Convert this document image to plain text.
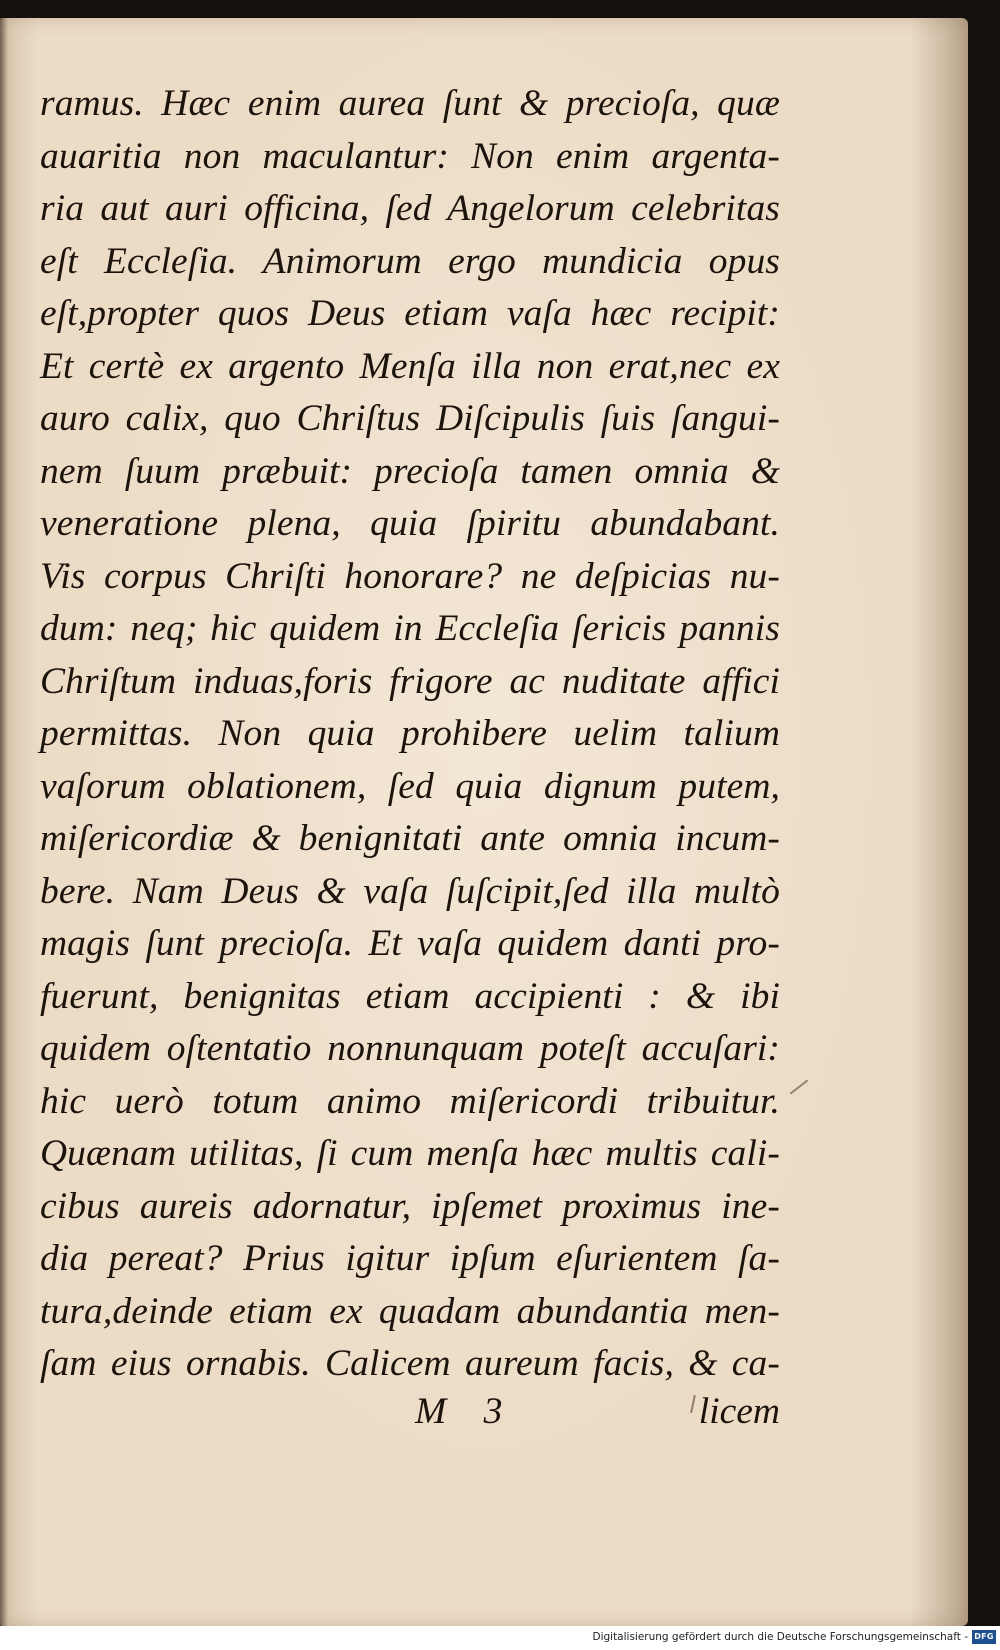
ramus. Hæc enim aurea ſunt & precioſa, quæ
auaritia non maculantur: Non enim argenta-
ria aut auri officina, ſed Angelorum celebritas
eſt Eccleſia. Animorum ergo mundicia opus
eſt,propter quos Deus etiam vaſa hæc recipit:
Et certè ex argento Menſa illa non erat,nec ex
auro calix, quo Chriſtus Diſcipulis ſuis ſangui-
nem ſuum præbuit: precioſa tamen omnia &
veneratione plena, quia ſpiritu abundabant.
Vis corpus Chriſti honorare? ne deſpicias nu-
dum: neq; hic quidem in Eccleſia ſericis pannis
Chriſtum induas,foris frigore ac nuditate affici
permittas. Non quia prohibere uelim talium
vaſorum oblationem, ſed quia dignum putem,
miſericordiæ & benignitati ante omnia incum-
bere. Nam Deus & vaſa ſuſcipit,ſed illa multò
magis ſunt precioſa. Et vaſa quidem danti pro-
fuerunt, benignitas etiam accipienti : & ibi
quidem oſtentatio nonnunquam poteſt accuſari:
hic uerò totum animo miſericordi tribuitur.
Quænam utilitas, ſi cum menſa hæc multis cali-
cibus aureis adornatur, ipſemet proximus ine-
dia pereat? Prius igitur ipſum eſurientem ſa-
tura,deinde etiam ex quadam abundantia men-
ſam eius ornabis. Calicem aureum facis, & ca-
M 3	licem
Digitalisierung gefördert durch die Deutsche Forschungsgemeinschaft - DFG
